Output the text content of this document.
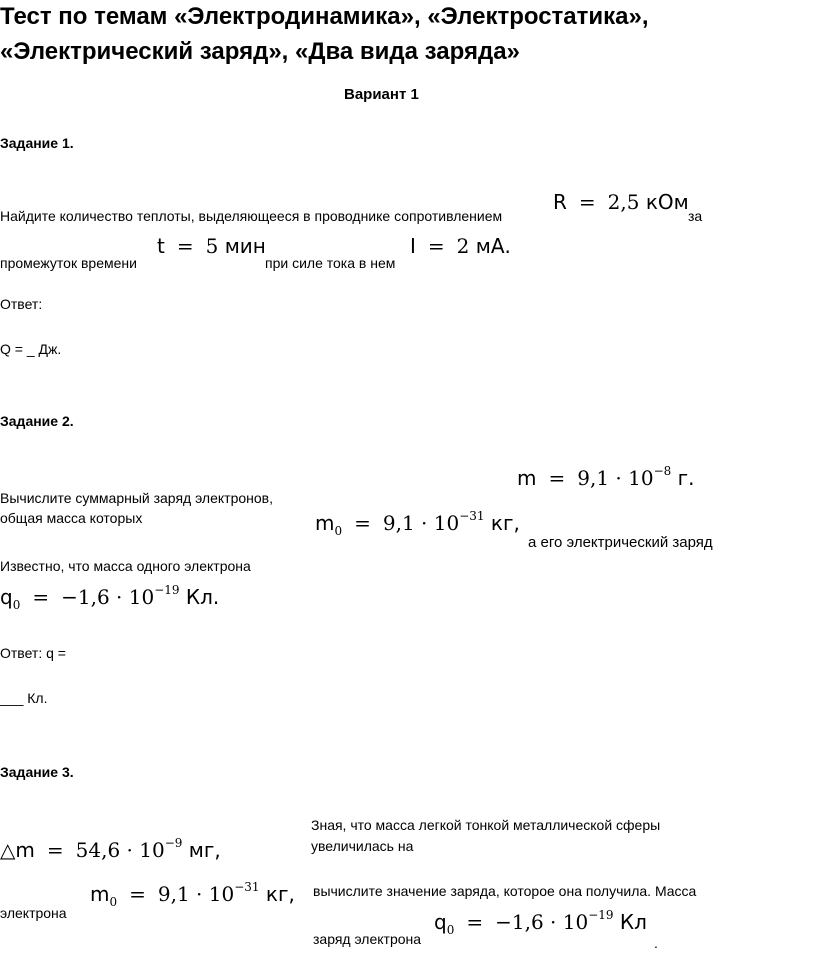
Тест по темам «Электродинамика», «Электростатика»,
«Электрический заряд», «Два вида заряда»
Вариант 1
Задание 1.
R = 2,5 кОм
Найдите количество теплоты, выделяющееся в проводнике сопротивлением	за
t = 5 мин	I = 2 мА.
промежуток времени	при силе тока в нем
Ответ:
Q = _ Дж.
Задание 2.
$m = 9,1 \cdot 10^{-8}$ г.
Вычислите суммарный заряд электронов,
общая масса которых	$m_0 = 9,1 \cdot 10^{-31}$ кг,
а его электрический заряд
Известно, что масса одного электрона
$q_0 = -1,6 \cdot 10^{-19}$ Кл.
Ответ: q =
___ Кл.
Задание 3.
Зная, что масса легкой тонкой металлической сферы
увеличилась на
△m = $54,6 \cdot 10^{-9}$ мг,
$m_0 = 9,1 \cdot 10^{-31}$ кг, вычислите значение заряда, которое она получила. Масса
электрона	$q_0 = -1,6 \cdot 10^{-19}$ Кл
заряд электрона	.
